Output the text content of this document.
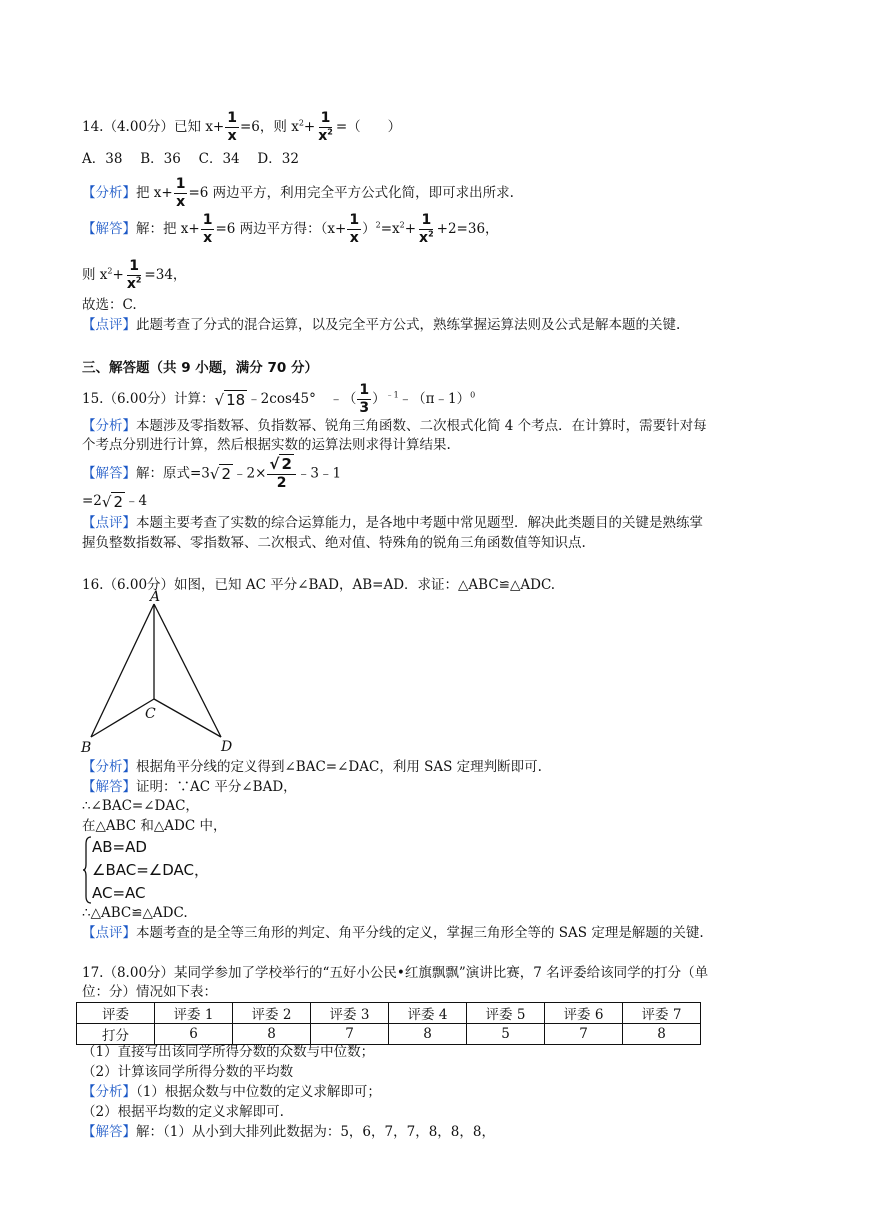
14.（4.00分）已知 $x+ \frac{1}{x} =6$，则 $x^2+ \frac{1}{x^2}$ =（　　）
A．38　 B．36　 C．34　 D．32
【分析】把 $x+ \frac{1}{x} =6$ 两边平方，利用完全平方公式化简，即可求出所求.
【解答】解：把 $x+ \frac{1}{x} =6$ 两边平方得：$(x+ \frac{1}{x} )^2=x^2+ \frac{1}{x^2} +2=36$，
则 $x^2+ \frac{1}{x^2} =34$，
故选：C.
【点评】此题考查了分式的混合运算，以及完全平方公式，熟练掌握运算法则及公式是解本题的关键.
三、解答题（共 9 小题，满分 70 分）
15.（6.00分）计算：√ 18 ﹣2cos45°　﹣（ $\frac{1}{3}$ ）$^{﹣1}$﹣（π﹣1）$^0$
【分析】本题涉及零指数幂、负指数幂、锐角三角函数、二次根式化简 4 个考点．在计算时，需要针对每
个考点分别进行计算，然后根据实数的运算法则求得计算结果.
【解答】解：原式=3√ 2 ﹣2× $\frac{√ 2}{2}$ ﹣3﹣1
=2√ 2 ﹣4
【点评】本题主要考查了实数的综合运算能力，是各地中考题中常见题型．解决此类题目的关键是熟练掌
握负整数指数幂、零指数幂、二次根式、绝对值、特殊角的锐角三角函数值等知识点.
16.（6.00分）如图，已知 AC 平分∠BAD，AB=AD．求证：△ABC≌△ADC.
A
B
C
D
【分析】根据角平分线的定义得到∠BAC=∠DAC，利用 SAS 定理判断即可.
【解答】证明：∵AC 平分∠BAD，
∴∠BAC=∠DAC，
在△ABC 和△ADC 中，
AB=AD
∠BAC=∠DAC，
AC=AC
∴△ABC≌△ADC.
【点评】本题考查的是全等三角形的判定、角平分线的定义，掌握三角形全等的 SAS 定理是解题的关键.
17.（8.00分）某同学参加了学校举行的“五好小公民•红旗飘飘”演讲比赛，7 名评委给该同学的打分（单
位：分）情况如下表：
评委	评委 1	评委 2	评委 3	评委 4	评委 5	评委 6	评委 7
打分	6	8	7	8	5	7	8
（1）直接写出该同学所得分数的众数与中位数；
（2）计算该同学所得分数的平均数
【分析】（1）根据众数与中位数的定义求解即可；
（2）根据平均数的定义求解即可.
【解答】解：（1）从小到大排列此数据为：5，6，7，7，8，8，8，
